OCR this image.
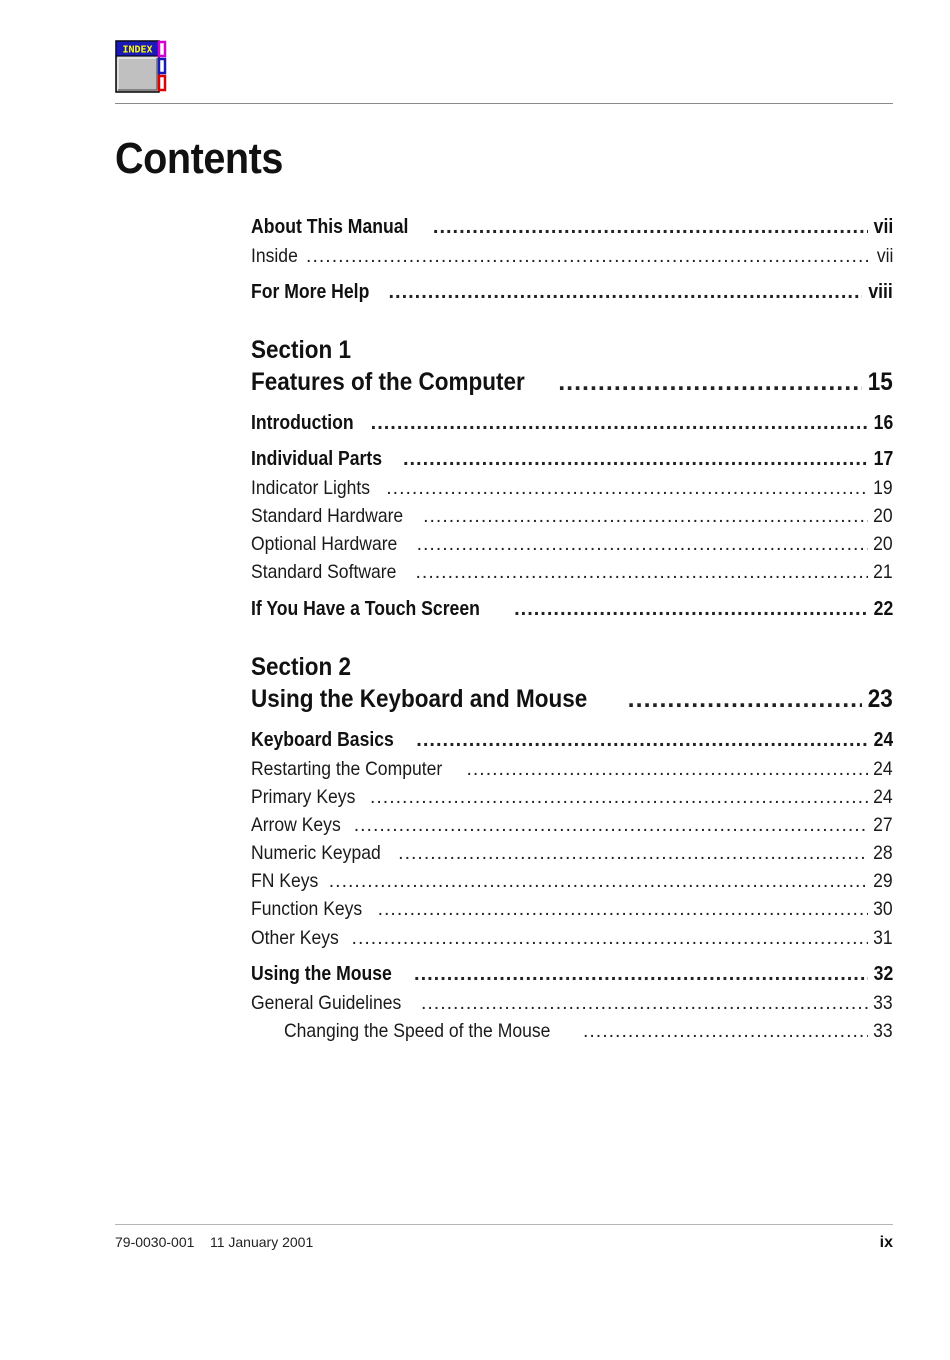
INDEX
Contents
About This Manual .....	vii
Inside .....	vii
For More Help .....	viii
Section 1
Features of the Computer .....	15
Introduction .....	16
Individual Parts .....	17
Indicator Lights .....	19
Standard Hardware .....	20
Optional Hardware .....	20
Standard Software .....	21
If You Have a Touch Screen .....	22
Section 2
Using the Keyboard and Mouse .....	23
Keyboard Basics .....	24
Restarting the Computer .....	24
Primary Keys .....	24
Arrow Keys .....	27
Numeric Keypad .....	28
FN Keys .....	29
Function Keys .....	30
Other Keys .....	31
Using the Mouse .....	32
General Guidelines .....	33
Changing the Speed of the Mouse .....	33
79-0030-001 11 January 2001	ix
